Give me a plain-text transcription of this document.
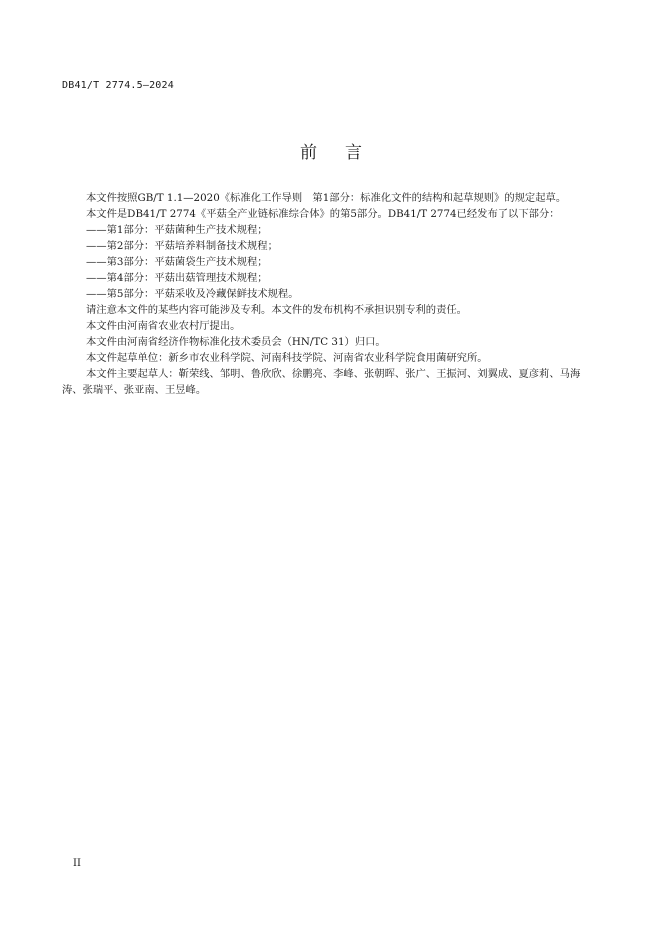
DB41/T 2774.5—2024
前言

本文件按照GB/T 1.1—2020《标准化工作导则　第1部分：标准化文件的结构和起草规则》的规定起草。

本文件是DB41/T 2774《平菇全产业链标准综合体》的第5部分。DB41/T 2774已经发布了以下部分：

——第1部分：平菇菌种生产技术规程；

——第2部分：平菇培养料制备技术规程；

——第3部分：平菇菌袋生产技术规程；

——第4部分：平菇出菇管理技术规程；

——第5部分：平菇采收及冷藏保鲜技术规程。

请注意本文件的某些内容可能涉及专利。本文件的发布机构不承担识别专利的责任。

本文件由河南省农业农村厅提出。

本文件由河南省经济作物标准化技术委员会（HN/TC 31）归口。

本文件起草单位：新乡市农业科学院、河南科技学院、河南省农业科学院食用菌研究所。

本文件主要起草人：靳荣线、邹明、鲁欣欣、徐鹏亮、李峰、张朝晖、张广、王振河、刘翼成、夏彦莉、马海涛、张瑞平、张亚南、王昱峰。

II
